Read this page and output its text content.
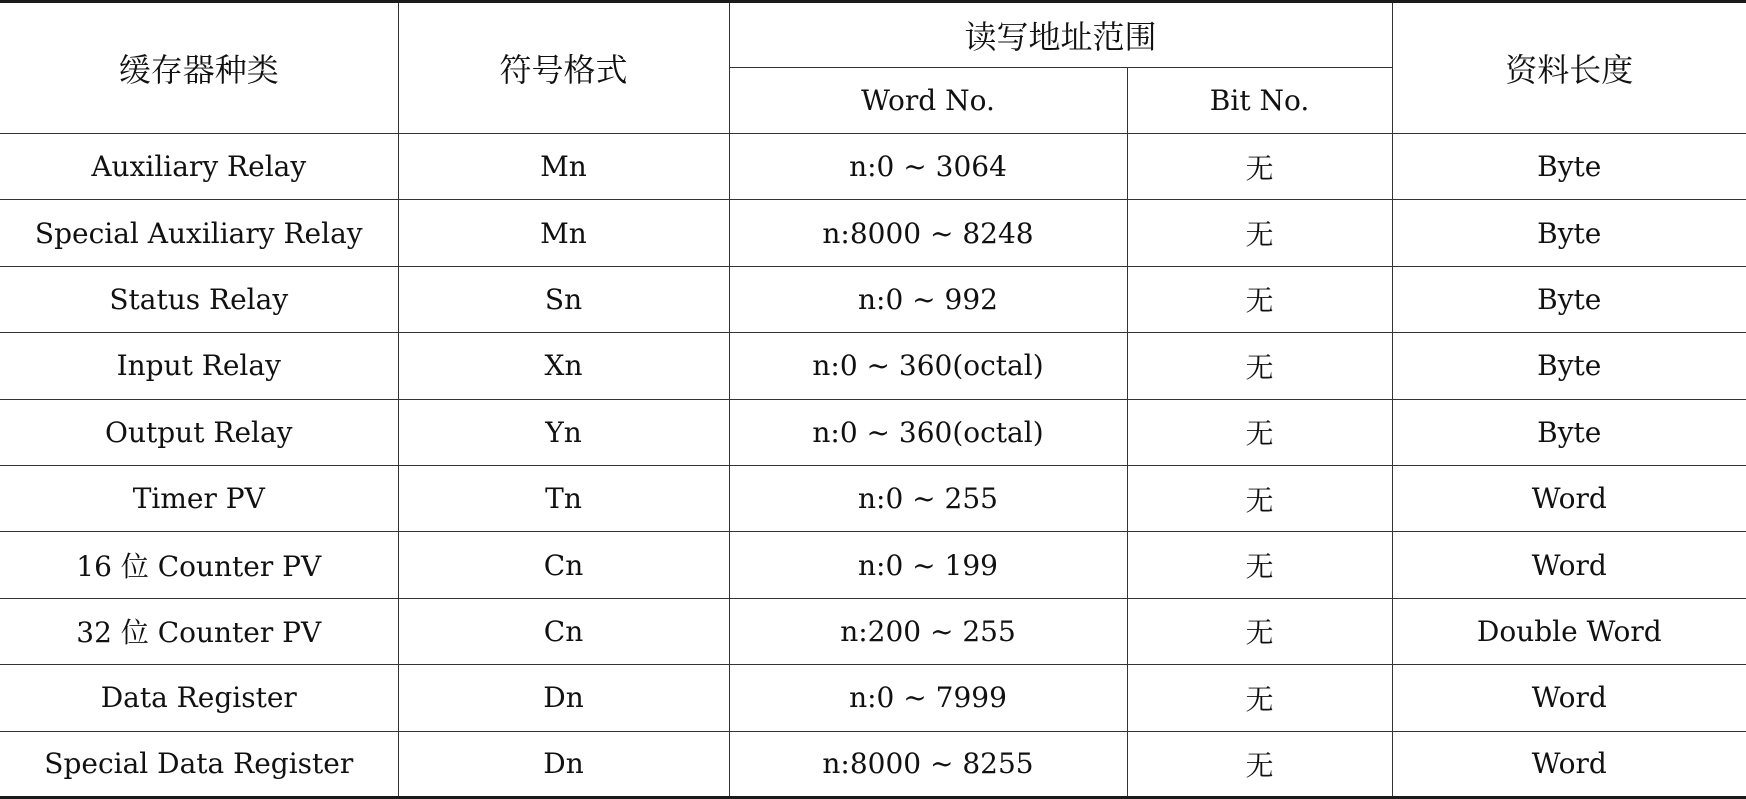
缓存器种类	符号格式	读写地址范围		资料长度
		Word No.	Bit No.	
Auxiliary Relay	Mn	n:0 ~ 3064	无	Byte
Special Auxiliary Relay	Mn	n:8000 ~ 8248	无	Byte
Status Relay	Sn	n:0 ~ 992	无	Byte
Input Relay	Xn	n:0 ~ 360(octal)	无	Byte
Output Relay	Yn	n:0 ~ 360(octal)	无	Byte
Timer PV	Tn	n:0 ~ 255	无	Word
16 位 Counter PV	Cn	n:0 ~ 199	无	Word
32 位 Counter PV	Cn	n:200 ~ 255	无	Double Word
Data Register	Dn	n:0 ~ 7999	无	Word
Special Data Register	Dn	n:8000 ~ 8255	无	Word
